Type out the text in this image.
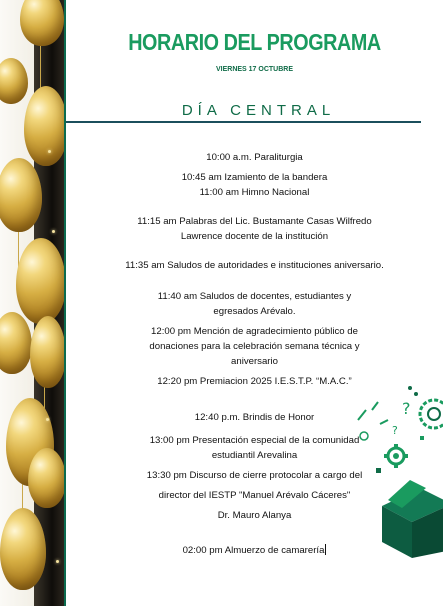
HORARIO DEL PROGRAMA
VIERNES 17 OCTUBRE
DÍA CENTRAL
10:00 a.m. Paraliturgia
10:45 am Izamiento de la bandera
11:00 am Himno Nacional
11:15 am Palabras del Lic. Bustamante Casas Wilfredo
Lawrence docente de la institución
11:35 am Saludos de autoridades e instituciones aniversario.
11:40 am Saludos de docentes, estudiantes y
egresados Arévalo.
12:00 pm Mención de agradecimiento público de
donaciones para la celebración semana técnica y
aniversario
12:20 pm Premiacion 2025 I.E.S.T.P. “M.A.C.”
12:40 p.m. Brindis de Honor
13:00 pm Presentación especial de la comunidad
estudiantil Arevalina
13:30 pm Discurso de cierre protocolar a cargo del
director del IESTP "Manuel Arévalo Cáceres"
Dr. Mauro Alanya
02:00 pm Almuerzo de camarería
?
?
